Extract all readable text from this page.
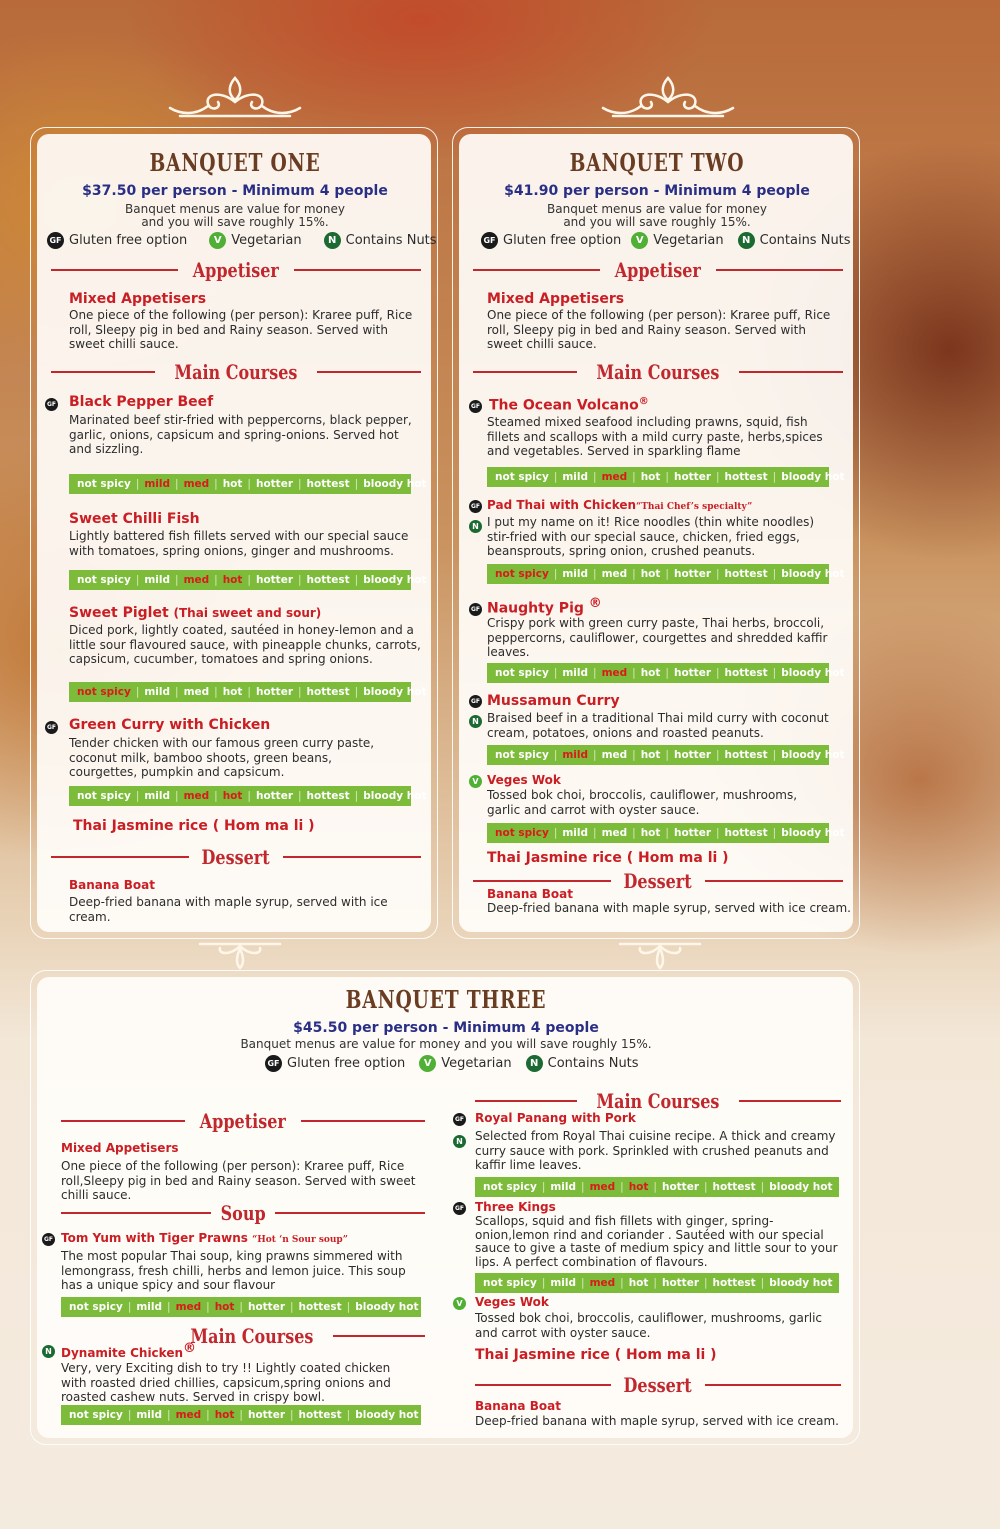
BANQUET ONE
$37.50 per person - Minimum 4 people
Banquet menus are value for money
and you will save roughly 15%.
GF Gluten free option	V Vegetarian	N Contains Nuts
Appetiser
Mixed Appetisers
One piece of the following (per person): Kraree puff, Rice roll, Sleepy pig in bed and Rainy season. Served with sweet chilli sauce.
Main Courses
GF Black Pepper Beef
Marinated beef stir-fried with peppercorns, black pepper, garlic, onions, capsicum and spring-onions. Served hot and sizzling.
not spicy | mild | med | hot | hotter | hottest | bloody hot
Sweet Chilli Fish
Lightly battered fish fillets served with our special sauce with tomatoes, spring onions, ginger and mushrooms.
not spicy | mild | med | hot | hotter | hottest | bloody hot
Sweet Piglet (Thai sweet and sour)
Diced pork, lightly coated, sautéed in honey-lemon and a little sour flavoured sauce, with pineapple chunks, carrots, capsicum, cucumber, tomatoes and spring onions.
not spicy | mild | med | hot | hotter | hottest | bloody hot
GF Green Curry with Chicken
Tender chicken with our famous green curry paste, coconut milk, bamboo shoots, green beans, courgettes, pumpkin and capsicum.
not spicy | mild | med | hot | hotter | hottest | bloody hot
Thai Jasmine rice ( Hom ma li )
Dessert
Banana Boat
Deep-fried banana with maple syrup, served with ice cream.
BANQUET TWO
$41.90 per person - Minimum 4 people
Banquet menus are value for money
and you will save roughly 15%.
GF Gluten free option	V Vegetarian	N Contains Nuts
Appetiser
Mixed Appetisers
One piece of the following (per person): Kraree puff, Rice roll, Sleepy pig in bed and Rainy season. Served with sweet chilli sauce.
Main Courses
GF The Ocean Volcano®
Steamed mixed seafood including prawns, squid, fish fillets and scallops with a mild curry paste, herbs,spices and vegetables. Served in sparkling flame
not spicy | mild | med | hot | hotter | hottest | bloody hot
GF
N
Pad Thai with Chicken“Thai Chef’s specialty”
I put my name on it! Rice noodles (thin white noodles) stir-fried with our special sauce, chicken, fried eggs, beansprouts, spring onion, crushed peanuts.
not spicy | mild | med | hot | hotter | hottest | bloody hot
GF Naughty Pig ®
Crispy pork with green curry paste, Thai herbs, broccoli, peppercorns, cauliflower, courgettes and shredded kaffir leaves.
not spicy | mild | med | hot | hotter | hottest | bloody hot
GF
N
Mussamun Curry
Braised beef in a traditional Thai mild curry with coconut cream, potatoes, onions and roasted peanuts.
not spicy | mild | med | hot | hotter | hottest | bloody hot
V Veges Wok
Tossed bok choi, broccolis, cauliflower, mushrooms, garlic and carrot with oyster sauce.
not spicy | mild | med | hot | hotter | hottest | bloody hot
Thai Jasmine rice ( Hom ma li )
Dessert
Banana Boat
Deep-fried banana with maple syrup, served with ice cream.
BANQUET THREE
$45.50 per person - Minimum 4 people
Banquet menus are value for money and you will save roughly 15%.
GF Gluten free option	V Vegetarian	N Contains Nuts
Appetiser
Mixed Appetisers
One piece of the following (per person): Kraree puff, Rice roll,Sleepy pig in bed and Rainy season. Served with sweet chilli sauce.
Soup
GF Tom Yum with Tiger Prawns “Hot ‘n Sour soup”
The most popular Thai soup, king prawns simmered with lemongrass, fresh chilli, herbs and lemon juice. This soup has a unique spicy and sour flavour
not spicy | mild | med | hot | hotter | hottest | bloody hot
Main Courses
N Dynamite Chicken®
Very, very Exciting dish to try !! Lightly coated chicken with roasted dried chillies, capsicum,spring onions and roasted cashew nuts. Served in crispy bowl.
not spicy | mild | med | hot | hotter | hottest | bloody hot
Main Courses
GF
N
Royal Panang with Pork
Selected from Royal Thai cuisine recipe. A thick and creamy curry sauce with pork. Sprinkled with crushed peanuts and kaffir lime leaves.
not spicy | mild | med | hot | hotter | hottest | bloody hot
GF Three Kings
Scallops, squid and fish fillets with ginger, spring-onion,lemon rind and coriander . Sautéed with our special sauce to give a taste of medium spicy and little sour to your lips. A perfect combination of flavours.
not spicy | mild | med | hot | hotter | hottest | bloody hot
V Veges Wok
Tossed bok choi, broccolis, cauliflower, mushrooms, garlic and carrot with oyster sauce.
Thai Jasmine rice ( Hom ma li )
Dessert
Banana Boat
Deep-fried banana with maple syrup, served with ice cream.
